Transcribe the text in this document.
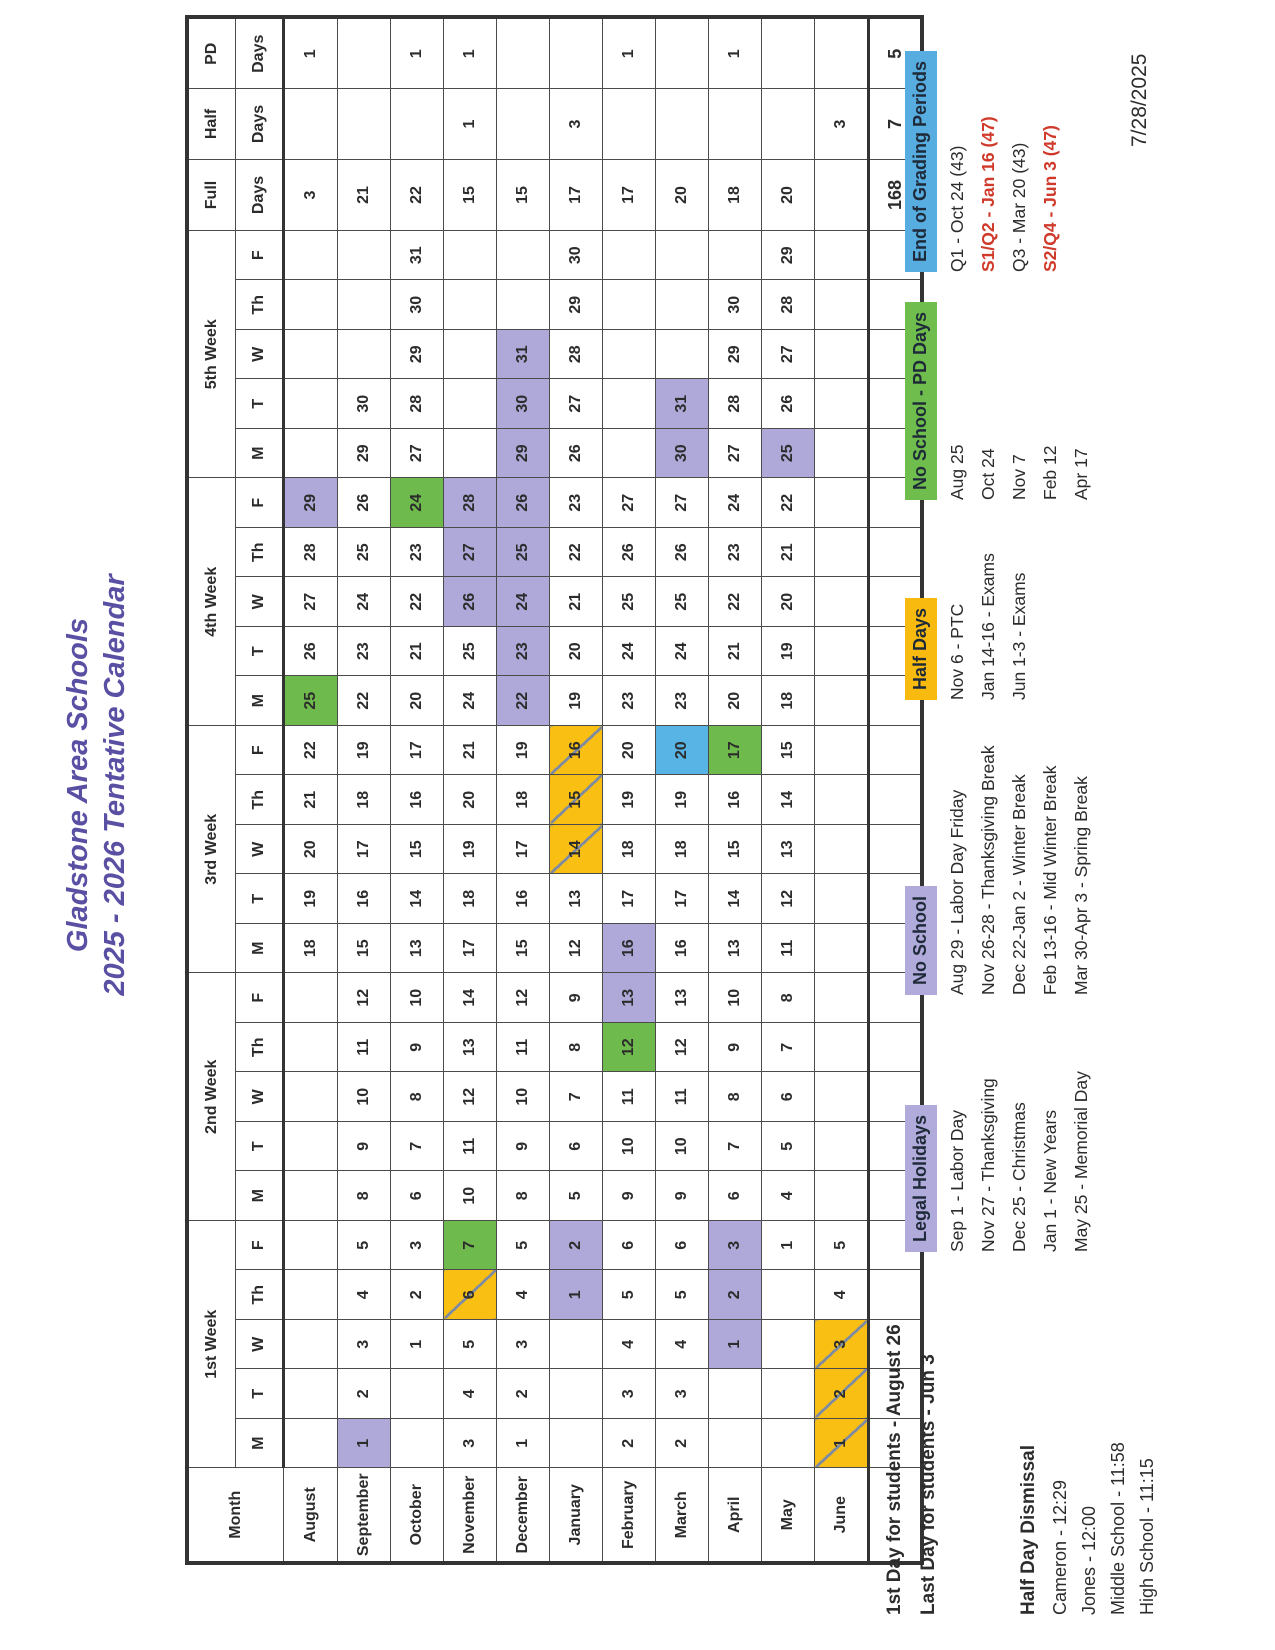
Gladstone Area Schools 2025 - 2026 Tentative Calendar
Month	1st Week					2nd Week					3rd Week					4th Week					5th Week					Full	Half	PD
	M	T	W	Th	F	M	T	W	Th	F	M	T	W	Th	F	M	T	W	Th	F	M	T	W	Th	F	Days	Days	Days
August											18	19	20	21	22	25	26	27	28	29						3		1
September	1	2	3	4	5	8	9	10	11	12	15	16	17	18	19	22	23	24	25	26	29	30				21		
October			1	2	3	6	7	8	9	10	13	14	15	16	17	20	21	22	23	24	27	28	29	30	31	22		1
November	3	4	5	6	7	10	11	12	13	14	17	18	19	20	21	24	25	26	27	28						15	1	1
December	1	2	3	4	5	8	9	10	11	12	15	16	17	18	19	22	23	24	25	26	29	30	31			15		
January				1	2	5	6	7	8	9	12	13	14	15	16	19	20	21	22	23	26	27	28	29	30	17	3	
February	2	3	4	5	6	9	10	11	12	13	16	17	18	19	20	23	24	25	26	27						17		1
March	2	3	4	5	6	9	10	11	12	13	16	17	18	19	20	23	24	25	26	27	30	31				20		
April			1	2	3	6	7	8	9	10	13	14	15	16	17	20	21	22	23	24	27	28	29	30		18		1
May					1	4	5	6	7	8	11	12	13	14	15	18	19	20	21	22	25	26	27	28	29	20		
June	1	2	3	4	5																						3	
																										168	7	5
1st Day for students - August 26 Last Day for students - Jun 3	Half Day Dismissal Cameron - 12:29 Jones - 12:00 Middle School - 11:58 High School - 11:15
Legal Holidays Sep 1 - Labor Day Nov 27 - Thanksgiving Dec 25 - Christmas Jan 1 - New Years May 25 - Memorial Day
No School Aug 29 - Labor Day Friday Nov 26-28 - Thanksgiving Break Dec 22-Jan 2 - Winter Break Feb 13-16 - Mid Winter Break Mar 30-Apr 3 - Spring Break
Half Days Nov 6 - PTC Jan 14-16 - Exams Jun 1-3 - Exams
No School - PD Days Aug 25 Oct 24 Nov 7 Feb 12 Apr 17
End of Grading Periods Q1 - Oct 24 (43) S1/Q2 - Jan 16 (47) Q3 - Mar 20 (43) S2/Q4 - Jun 3 (47)
7/28/2025
